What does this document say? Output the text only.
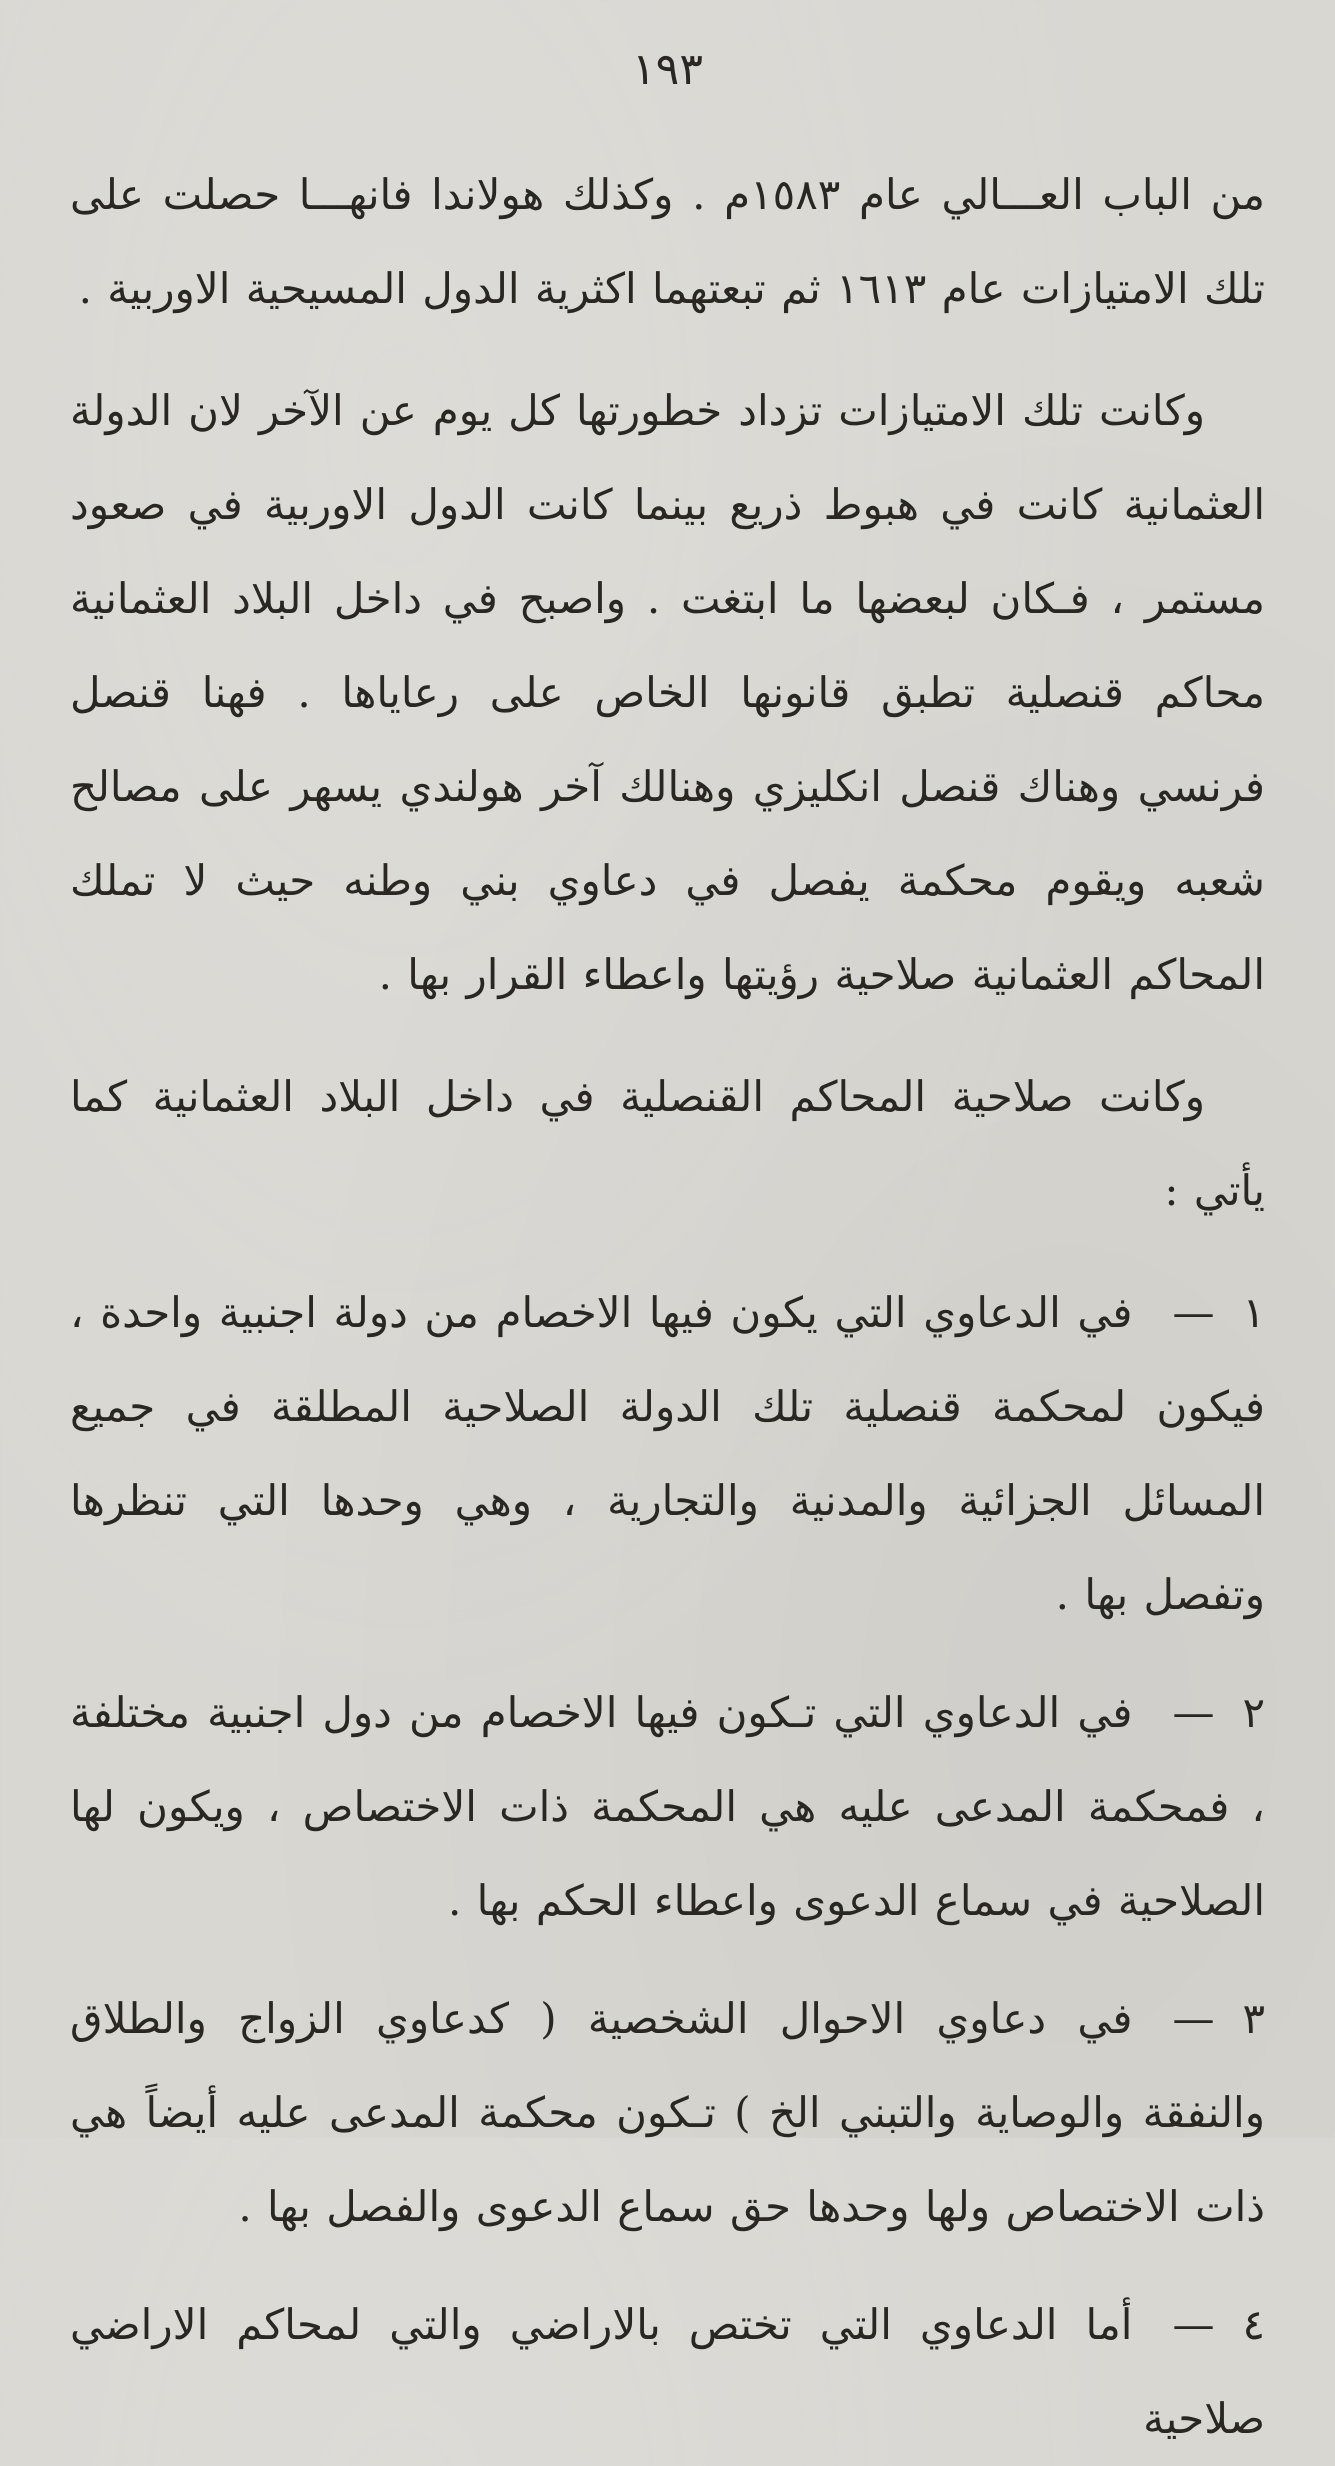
١٩٣

من الباب العـــالي عام ١٥٨٣م . وكذلك هولاندا فانهـــا حصلت على تلك الامتيازات عام ١٦١٣ ثم تبعتهما اكثرية الدول المسيحية الاوربية .

وكانت تلك الامتيازات تزداد خطورتها كل يوم عن الآخر لان الدولة العثمانية كانت في هبوط ذريع بينما كانت الدول الاوربية في صعود مستمر ، فـكان لبعضها ما ابتغت . واصبح في داخل البلاد العثمانية محاكم قنصلية تطبق قانونها الخاص على رعاياها . فهنا قنصل فرنسي وهناك قنصل انكليزي وهنالك آخر هولندي يسهر على مصالح شعبه ويقوم محكمة يفصل في دعاوي بني وطنه حيث لا تملك المحاكم العثمانية صلاحية رؤيتها واعطاء القرار بها .

وكانت صلاحية المحاكم القنصلية في داخل البلاد العثمانية كما يأتي :

١—في الدعاوي التي يكون فيها الاخصام من دولة اجنبية واحدة ، فيكون لمحكمة قنصلية تلك الدولة الصلاحية المطلقة في جميع المسائل الجزائية والمدنية والتجارية ، وهي وحدها التي تنظرها وتفصل بها .

٢—في الدعاوي التي تـكون فيها الاخصام من دول اجنبية مختلفة ، فمحكمة المدعى عليه هي المحكمة ذات الاختصاص ، ويكون لها الصلاحية في سماع الدعوى واعطاء الحكم بها .

٣—في دعاوي الاحوال الشخصية ( كدعاوي الزواج والطلاق والنفقة والوصاية والتبني الخ ) تـكون محكمة المدعى عليه أيضاً هي ذات الاختصاص ولها وحدها حق سماع الدعوى والفصل بها .

٤—أما الدعاوي التي تختص بالاراضي والتي لمحاكم الاراضي صلاحية
